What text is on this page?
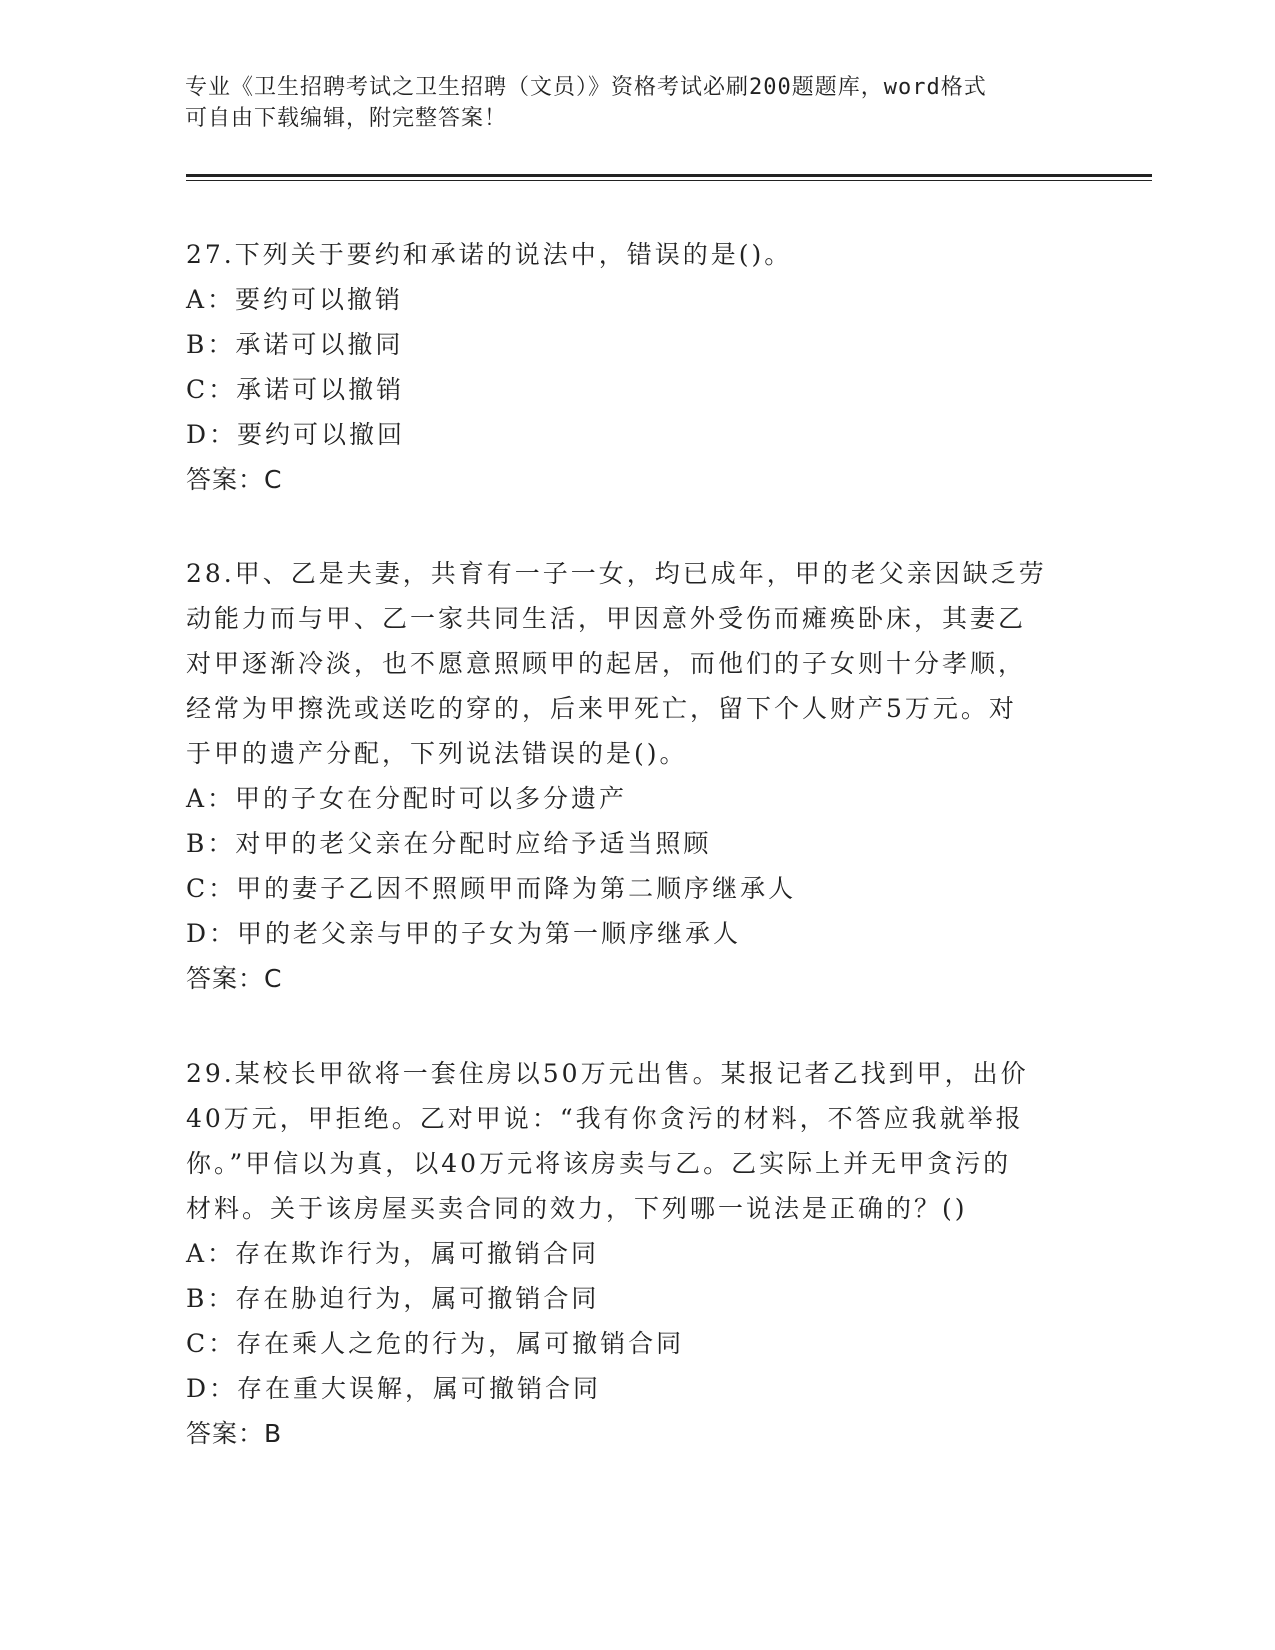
专业《卫生招聘考试之卫生招聘（文员）》资格考试必刷200题题库，word格式
可自由下载编辑，附完整答案！
27.下列关于要约和承诺的说法中，错误的是()。
A：要约可以撤销
B：承诺可以撤同
C：承诺可以撤销
D：要约可以撤回
答案：C
28.甲、乙是夫妻，共育有一子一女，均已成年，甲的老父亲因缺乏劳
动能力而与甲、乙一家共同生活，甲因意外受伤而瘫痪卧床，其妻乙
对甲逐渐冷淡，也不愿意照顾甲的起居，而他们的子女则十分孝顺，
经常为甲擦洗或送吃的穿的，后来甲死亡，留下个人财产5万元。对
于甲的遗产分配，下列说法错误的是()。
A：甲的子女在分配时可以多分遗产
B：对甲的老父亲在分配时应给予适当照顾
C：甲的妻子乙因不照顾甲而降为第二顺序继承人
D：甲的老父亲与甲的子女为第一顺序继承人
答案：C
29.某校长甲欲将一套住房以50万元出售。某报记者乙找到甲，出价
40万元，甲拒绝。乙对甲说：“我有你贪污的材料，不答应我就举报
你。”甲信以为真，以40万元将该房卖与乙。乙实际上并无甲贪污的
材料。关于该房屋买卖合同的效力，下列哪一说法是正确的？()
A：存在欺诈行为，属可撤销合同
B：存在胁迫行为，属可撤销合同
C：存在乘人之危的行为，属可撤销合同
D：存在重大误解，属可撤销合同
答案：B
